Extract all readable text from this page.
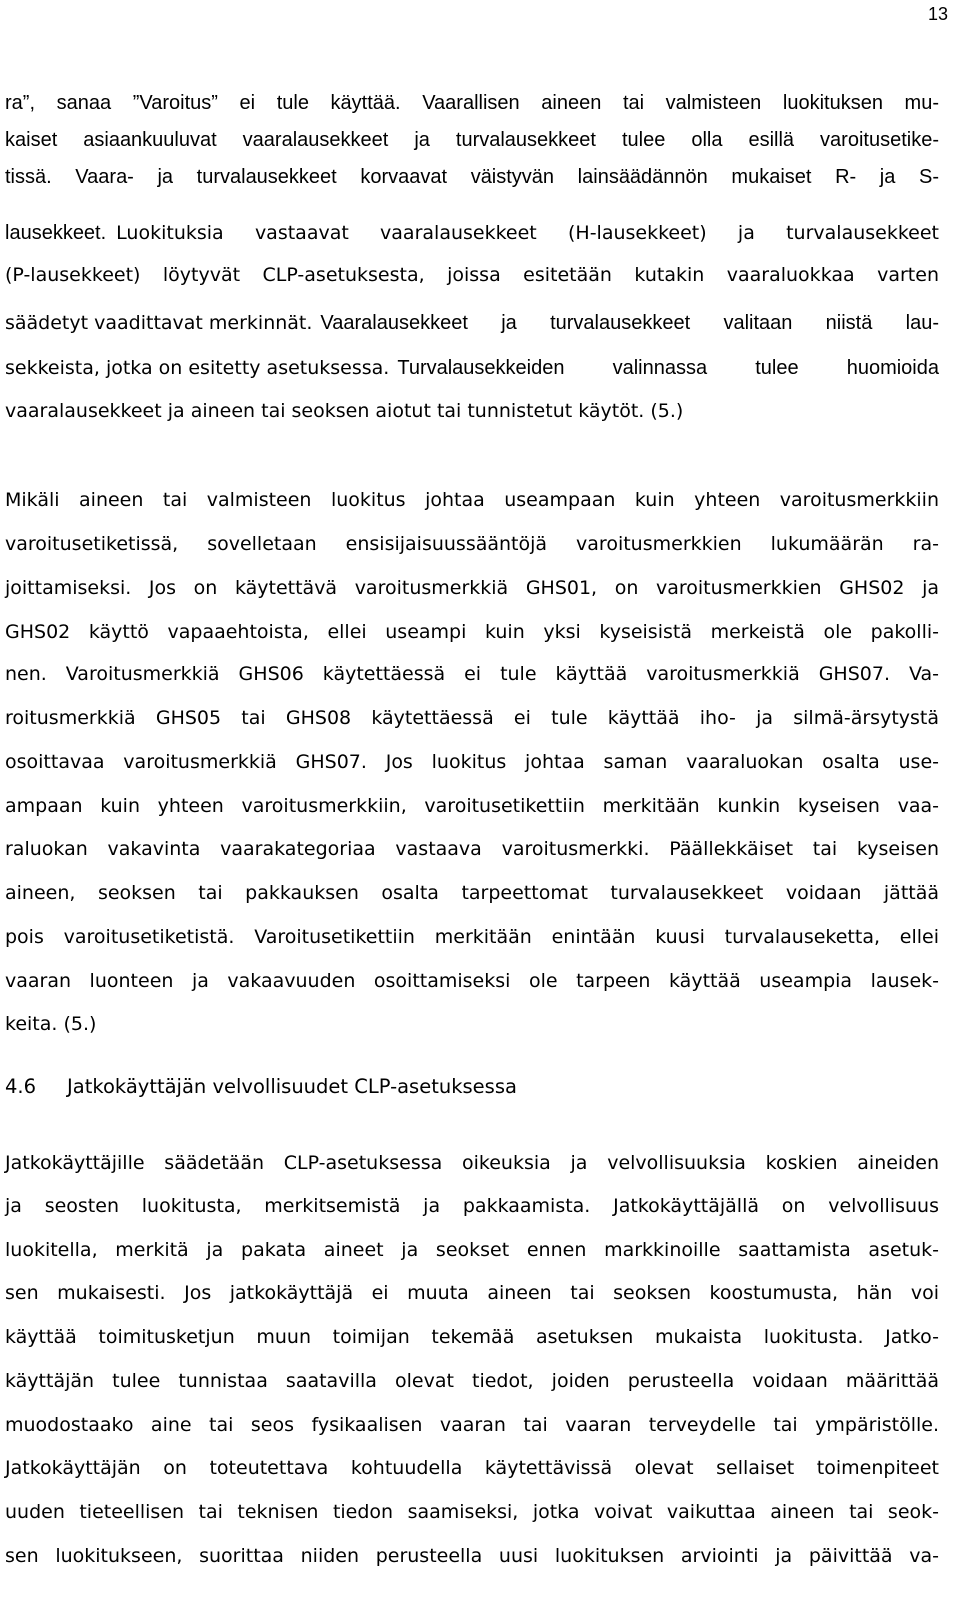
13
ra”, sanaa ”Varoitus” ei tule käyttää. Vaarallisen aineen tai valmisteen luokituksen mu-
kaiset asiaankuuluvat vaaralausekkeet ja turvalausekkeet tulee olla esillä varoitusetike-
tissä. Vaara- ja turvalausekkeet korvaavat väistyvän lainsäädännön mukaiset R- ja S-
lausekkeet. Luokituksia vastaavat vaaralausekkeet (H-lausekkeet) ja turvalausekkeet
(P-lausekkeet) löytyvät CLP-asetuksesta, joissa esitetään kutakin vaaraluokkaa varten
säädetyt vaadittavat merkinnät. Vaaralausekkeet ja turvalausekkeet valitaan niistä lau-
sekkeista, jotka on esitetty asetuksessa. Turvalausekkeiden valinnassa tulee huomioida
vaaralausekkeet ja aineen tai seoksen aiotut tai tunnistetut käytöt. (5.)
Mikäli aineen tai valmisteen luokitus johtaa useampaan kuin yhteen varoitusmerkkiin
varoitusetiketissä, sovelletaan ensisijaisuussääntöjä varoitusmerkkien lukumäärän ra-
joittamiseksi. Jos on käytettävä varoitusmerkkiä GHS01, on varoitusmerkkien GHS02 ja
GHS02 käyttö vapaaehtoista, ellei useampi kuin yksi kyseisistä merkeistä ole pakolli-
nen. Varoitusmerkkiä GHS06 käytettäessä ei tule käyttää varoitusmerkkiä GHS07. Va-
roitusmerkkiä GHS05 tai GHS08 käytettäessä ei tule käyttää iho- ja silmä-ärsytystä
osoittavaa varoitusmerkkiä GHS07. Jos luokitus johtaa saman vaaraluokan osalta use-
ampaan kuin yhteen varoitusmerkkiin, varoitusetikettiin merkitään kunkin kyseisen vaa-
raluokan vakavinta vaarakategoriaa vastaava varoitusmerkki. Päällekkäiset tai kyseisen
aineen, seoksen tai pakkauksen osalta tarpeettomat turvalausekkeet voidaan jättää
pois varoitusetiketistä. Varoitusetikettiin merkitään enintään kuusi turvalauseketta, ellei
vaaran luonteen ja vakaavuuden osoittamiseksi ole tarpeen käyttää useampia lausek-
keita. (5.)
4.6 Jatkokäyttäjän velvollisuudet CLP-asetuksessa
Jatkokäyttäjille säädetään CLP-asetuksessa oikeuksia ja velvollisuuksia koskien aineiden
ja seosten luokitusta, merkitsemistä ja pakkaamista. Jatkokäyttäjällä on velvollisuus
luokitella, merkitä ja pakata aineet ja seokset ennen markkinoille saattamista asetuk-
sen mukaisesti. Jos jatkokäyttäjä ei muuta aineen tai seoksen koostumusta, hän voi
käyttää toimitusketjun muun toimijan tekemää asetuksen mukaista luokitusta. Jatko-
käyttäjän tulee tunnistaa saatavilla olevat tiedot, joiden perusteella voidaan määrittää
muodostaako aine tai seos fysikaalisen vaaran tai vaaran terveydelle tai ympäristölle.
Jatkokäyttäjän on toteutettava kohtuudella käytettävissä olevat sellaiset toimenpiteet
uuden tieteellisen tai teknisen tiedon saamiseksi, jotka voivat vaikuttaa aineen tai seok-
sen luokitukseen, suorittaa niiden perusteella uusi luokituksen arviointi ja päivittää va-
